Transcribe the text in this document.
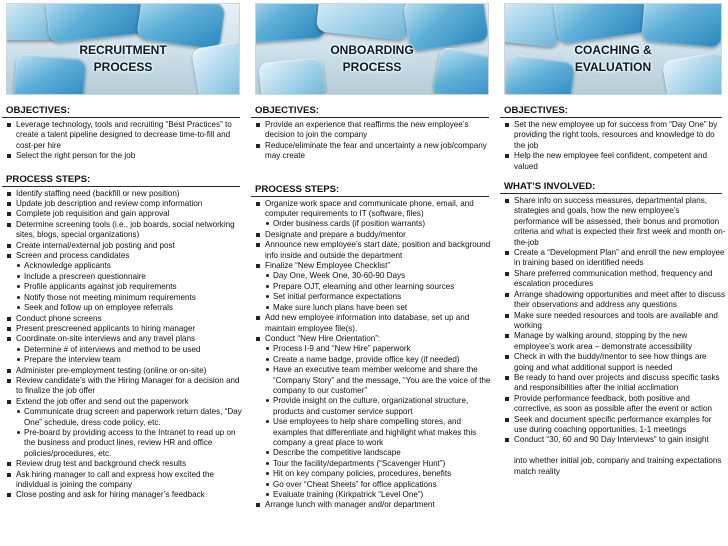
RECRUITMENT PROCESS
OBJECTIVES:
Leverage technology, tools and recruiting “Best Practices” to create a talent pipeline designed to decrease time-to-fill and cost-per hire
Select the right person for the job
PROCESS STEPS:
Identify staffing need (backfill or new position)
Update job description and review comp information
Complete job requisition and gain approval
Determine screening tools (i.e., job boards, social networking sites, blogs, special organizations)
Create internal/external job posting and post
Screen and process candidates
Acknowledge applicants
Include a prescreen questionnaire
Profile applicants against job requirements
Notify those not meeting minimum requirements
Seek and follow up on employee referrals
Conduct phone screens
Present prescreened applicants to hiring manager
Coordinate on-site interviews and any travel plans
Determine # of interviews and method to be used
Prepare the interview team
Administer pre-employment testing (online or on-site)
Review candidate’s with the Hiring Manager for a decision and to finalize the job offer
Extend the job offer and send out the paperwork
Communicate drug screen and paperwork return dates, “Day One” schedule, dress code policy, etc.
Pre-board by providing access to the Intranet to read up on the business and product lines, review HR and office policies/procedures, etc.
Review drug test and background check results
Ask hiring manager to call and express how excited the individual is joining the company
Close posting and ask for hiring manager’s feedback
ONBOARDING PROCESS
OBJECTIVES:
Provide an experience that reaffirms the new employee’s decision to join the company
Reduce/eliminate the fear and uncertainty a new job/company may create
PROCESS STEPS:
Organize work space and communicate phone, email, and computer requirements to IT (software, files)
Order business cards (if position warrants)
Designate and prepare a buddy/mentor
Announce new employee’s start date, position and background info inside and outside the department
Finalize “New Employee Checklist”
Day One, Week One, 30-60-90 Days
Prepare OJT, elearning and other learning sources
Set initial performance expectations
Make sure lunch plans have been set
Add new employee information into database, set up and maintain employee file(s).
Conduct “New Hire Orientation”:
Process I-9 and “New Hire” paperwork
Create a name badge, provide office key (if needed)
Have an executive team member welcome and share the “Company Story” and the message, “You are the voice of the company to our customer”
Provide insight on the culture, organizational structure, products and customer service support
Use employees to help share compelling stores, and examples that differentiate and highlight what makes this company a great place to work
Describe the competitive landscape
Tour the facility/departments (“Scavenger Hunt”)
Hit on key company policies, procedures, benefits
Go over “Cheat Sheets” for office applications
Evaluate training (Kirkpatrick “Level One”)
Arrange lunch with manager and/or department
COACHING & EVALUATION
OBJECTIVES:
Set the new employee up for success from “Day One” by providing the right tools, resources and knowledge to do the job
Help the new employee feel confident, competent and valued
WHAT’S INVOLVED:
Share info on success measures, departmental plans, strategies and goals, how the new employee’s performance will be assessed, their bonus and promotion criteria and what is expected their first week and month on-the-job
Create a “Development Plan” and enroll the new employee in training based on identified needs
Share preferred communication method, frequency and escalation procedures
Arrange shadowing opportunities and meet after to discuss their observations and address any questions
Make sure needed resources and tools are available and working
Manage by walking around, stopping by the new employee’s work area – demonstrate accessibility
Check in with the buddy/mentor to see how things are going and what additional support is needed
Be ready to hand over projects and discuss specific tasks and responsibilities after the initial acclimation
Provide performance feedback, both positive and corrective, as soon as possible after the event or action
Seek and document specific performance examples for use during coaching opportunities, 1-1 meetings
Conduct “30, 60 and 90 Day Interviews” to gain insight

into whether initial job, company and training expectations match reality
